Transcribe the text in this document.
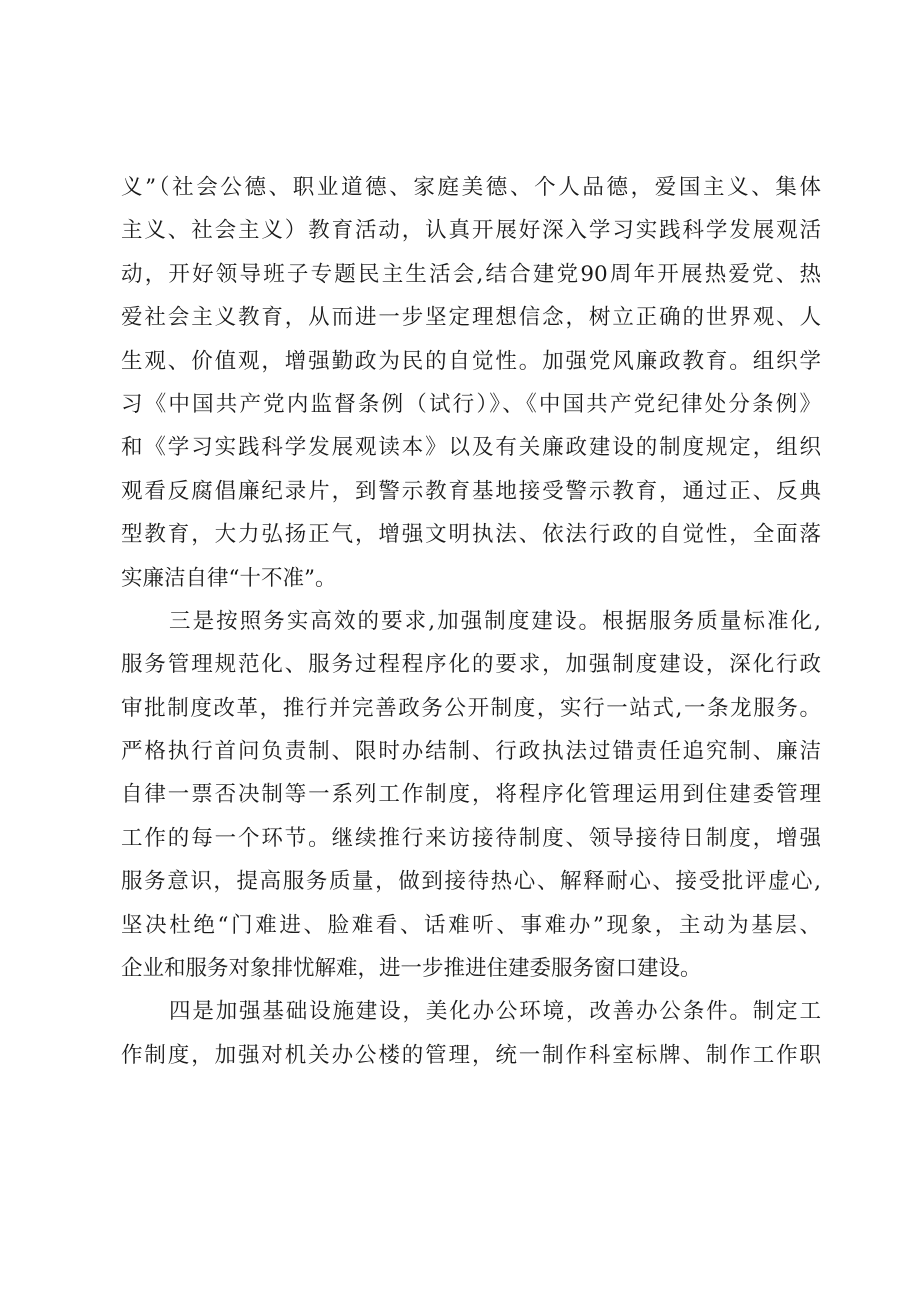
义”（社会公德、职业道德、家庭美德、个人品德，爱国主义、集体
主义、社会主义）教育活动，认真开展好深入学习实践科学发展观活
动，开好领导班子专题民主生活会,结合建党90周年开展热爱党、热
爱社会主义教育，从而进一步坚定理想信念，树立正确的世界观、人
生观、价值观，增强勤政为民的自觉性。加强党风廉政教育。组织学
习《中国共产党内监督条例（试行）》、《中国共产党纪律处分条例》
和《学习实践科学发展观读本》以及有关廉政建设的制度规定，组织
观看反腐倡廉纪录片，到警示教育基地接受警示教育，通过正、反典
型教育，大力弘扬正气，增强文明执法、依法行政的自觉性，全面落
实廉洁自律“十不准”。
三是按照务实高效的要求,加强制度建设。根据服务质量标准化,
服务管理规范化、服务过程程序化的要求，加强制度建设，深化行政
审批制度改革，推行并完善政务公开制度，实行一站式,一条龙服务。
严格执行首问负责制、限时办结制、行政执法过错责任追究制、廉洁
自律一票否决制等一系列工作制度，将程序化管理运用到住建委管理
工作的每一个环节。继续推行来访接待制度、领导接待日制度，增强
服务意识，提高服务质量，做到接待热心、解释耐心、接受批评虚心,
坚决杜绝“门难进、脸难看、话难听、事难办”现象，主动为基层、
企业和服务对象排忧解难，进一步推进住建委服务窗口建设。
四是加强基础设施建设，美化办公环境，改善办公条件。制定工
作制度，加强对机关办公楼的管理，统一制作科室标牌、制作工作职
